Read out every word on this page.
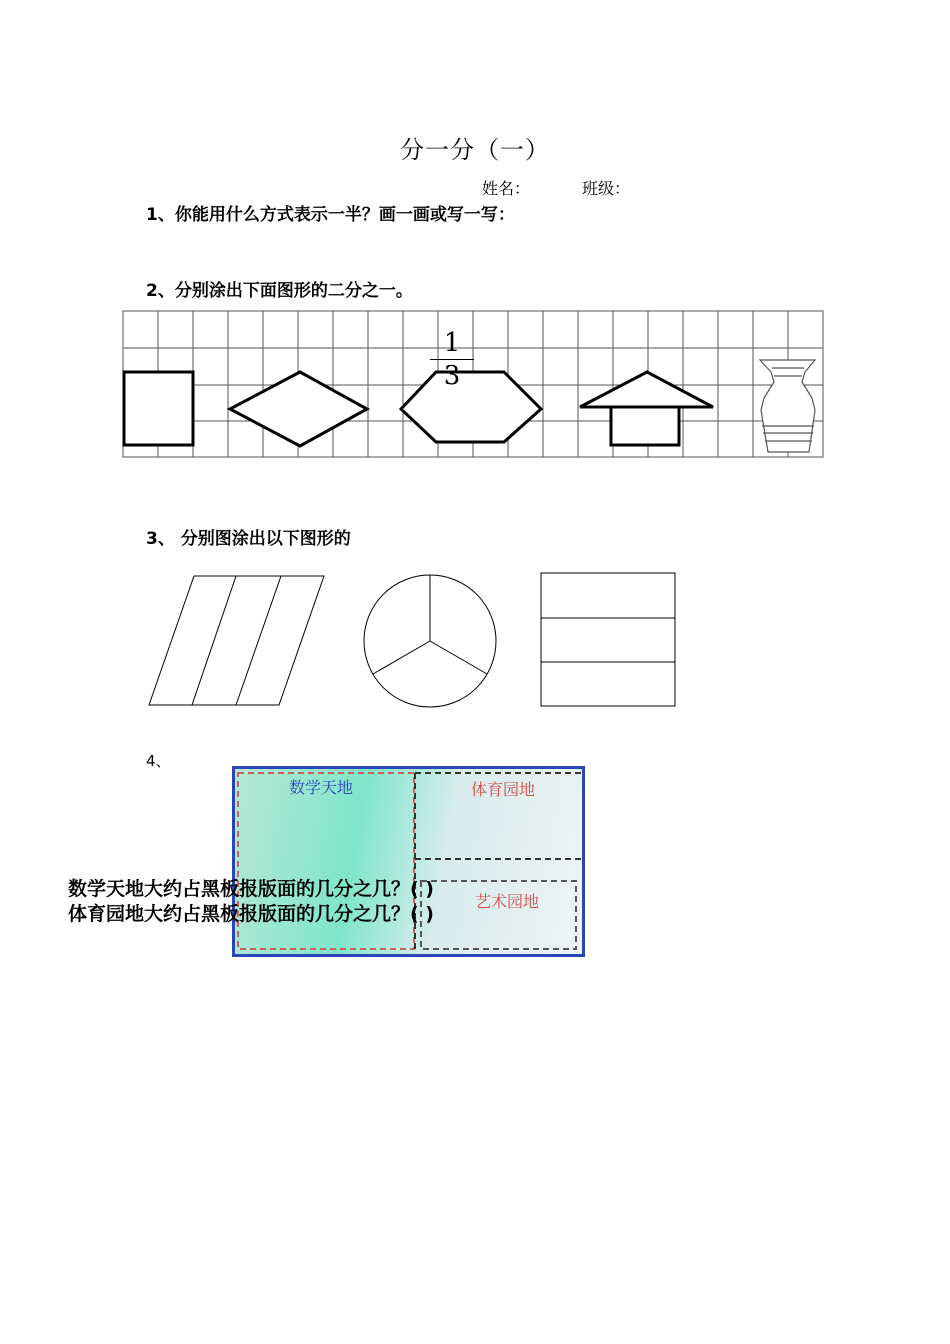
分一分（一）
姓名：	班级：
1、你能用什么方式表示一半？画一画或写一写：
2、分别涂出下面图形的二分之一。
1
3
3、 分别图涂出以下图形的
4、
数学天地	体育园地
艺术园地
数学天地大约占黑板报版面的几分之几？( )
体育园地大约占黑板报版面的几分之几？( )
